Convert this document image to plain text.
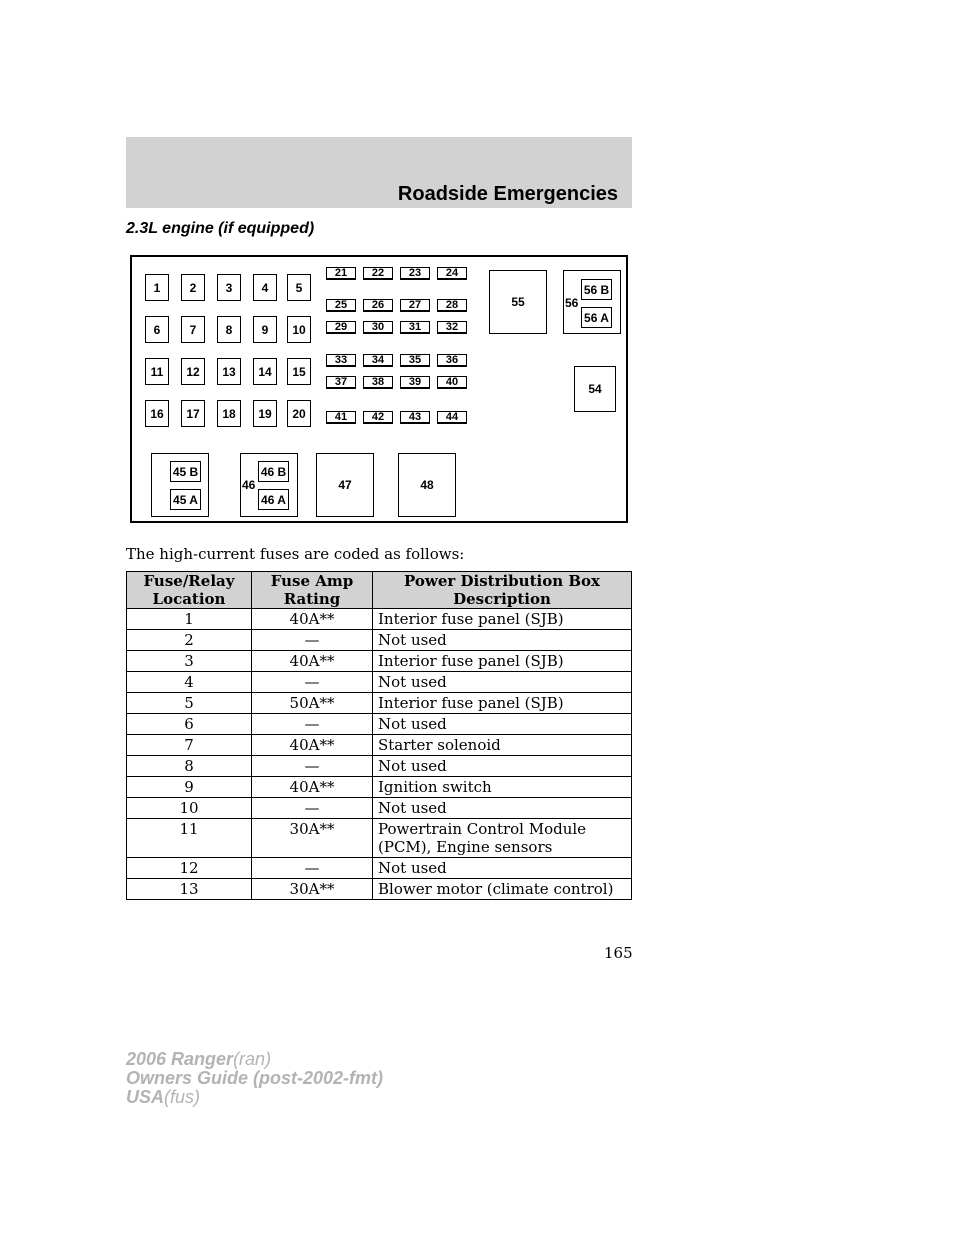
Roadside Emergencies
2.3L engine (if equipped)
45 B
45 A
46
46 B
46 A
47	48
55	56
56 B
56 A
54
1	2	3	4	5
6	7	8	9	10
11	12	13	14	15
16	17	18	19	20
21	22	23	24
25	26	27	28
29	30	31	32
33	34	35	36
37	38	39	40
41	42	43	44
The high-current fuses are coded as follows:
Fuse/Relay Location	Fuse Amp Rating	Power Distribution Box Description
1	40A**	Interior fuse panel (SJB)
2	—	Not used
3	40A**	Interior fuse panel (SJB)
4	—	Not used
5	50A**	Interior fuse panel (SJB)
6	—	Not used
7	40A**	Starter solenoid
8	—	Not used
9	40A**	Ignition switch
10	—	Not used
11	30A**	Powertrain Control Module (PCM), Engine sensors
12	—	Not used
13	30A**	Blower motor (climate control)
165
2006 Ranger(ran)
Owners Guide (post-2002-fmt)
USA(fus)
